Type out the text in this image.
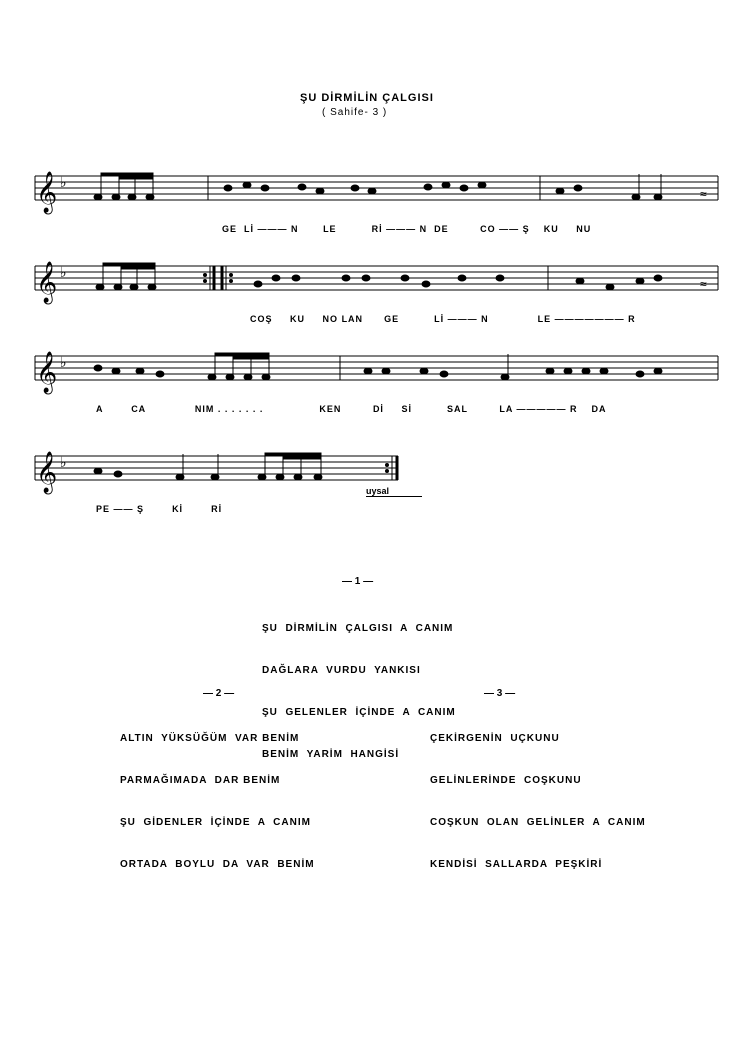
ŞU DİRMİLİN ÇALGISI
( Sahife- 3 )
𝄞 ♭
≈
GE Lİ ——— N	LE	Rİ ——— N DE	CO —— Ş KU NU
𝄞 ♭
≈
COŞ KU NO LAN GE	Lİ ——— N	LE ——————— R
𝄞 ♭
A	CA	NIM . . . . . . .	KEN	Dİ Sİ	SAL	LA ————— R DA
𝄞 ♭
PE —— Ş	Kİ	Rİ
uysal
— 1 —

ŞU  DİRMİLİN  ÇALGISI  A  CANIM

DAĞLARA  VURDU  YANKISI

ŞU  GELENLER  İÇİNDE  A  CANIM

BENİM  YARİM  HANGİSİ

— 2 —

ALTIN  YÜKSÜĞÜM  VAR BENİM

PARMAĞIMADA  DAR BENİM

ŞU  GİDENLER  İÇİNDE  A  CANIM

ORTADA  BOYLU  DA  VAR  BENİM

— 3 —

ÇEKİRGENİN  UÇKUNU

GELİNLERİNDE  COŞKUNU

COŞKUN  OLAN  GELİNLER  A  CANIM

KENDİSİ  SALLARDA  PEŞKİRİ
